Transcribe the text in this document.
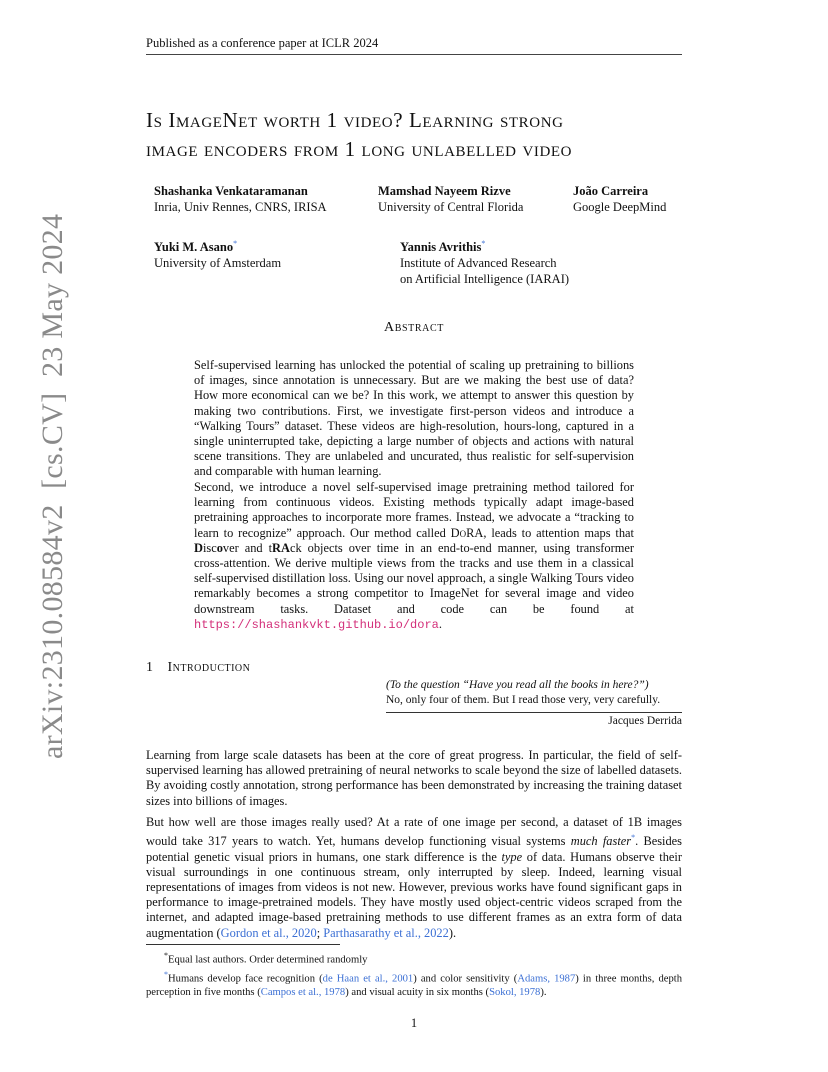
Published as a conference paper at ICLR 2024
Is ImageNet worth 1 video? Learning strong
image encoders from 1 long unlabelled video
Shashanka Venkataramanan
Inria, Univ Rennes, CNRS, IRISA
Mamshad Nayeem Rizve
University of Central Florida
João Carreira
Google DeepMind
Yuki M. Asano*
University of Amsterdam
Yannis Avrithis*
Institute of Advanced Research
on Artificial Intelligence (IARAI)
Abstract

Self-supervised learning has unlocked the potential of scaling up pretraining to billions of images, since annotation is unnecessary. But are we making the best use of data? How more economical can we be? In this work, we attempt to answer this question by making two contributions. First, we investigate first-person videos and introduce a “Walking Tours” dataset. These videos are high-resolution, hours-long, captured in a single uninterrupted take, depicting a large number of objects and actions with natural scene transitions. They are unlabeled and uncurated, thus realistic for self-supervision and comparable with human learning.

Second, we introduce a novel self-supervised image pretraining method tailored for learning from continuous videos. Existing methods typically adapt image-based pretraining approaches to incorporate more frames. Instead, we advocate a “tracking to learn to recognize” approach. Our method called DoRA, leads to attention maps that Discover and tRAck objects over time in an end-to-end manner, using transformer cross-attention. We derive multiple views from the tracks and use them in a classical self-supervised distillation loss. Using our novel approach, a single Walking Tours video remarkably becomes a strong competitor to ImageNet for several image and video downstream tasks. Dataset and code can be found at https://shashankvkt.github.io/dora.

1 Introduction
(To the question “Have you read all the books in here?”)
No, only four of them. But I read those very, very carefully.
Jacques Derrida

Learning from large scale datasets has been at the core of great progress. In particular, the field of self-supervised learning has allowed pretraining of neural networks to scale beyond the size of labelled datasets. By avoiding costly annotation, strong performance has been demonstrated by increasing the training dataset sizes into billions of images.

But how well are those images really used? At a rate of one image per second, a dataset of 1B images would take 317 years to watch. Yet, humans develop functioning visual systems much faster*. Besides potential genetic visual priors in humans, one stark difference is the type of data. Humans observe their visual surroundings in one continuous stream, only interrupted by sleep. Indeed, learning visual representations of images from videos is not new. However, previous works have found significant gaps in performance to image-pretrained models. They have mostly used object-centric videos scraped from the internet, and adapted image-based pretraining methods to use different frames as an extra form of data augmentation (Gordon et al., 2020; Parthasarathy et al., 2022).

*Equal last authors. Order determined randomly
*Humans develop face recognition (de Haan et al., 2001) and color sensitivity (Adams, 1987) in three months, depth perception in five months (Campos et al., 1978) and visual acuity in six months (Sokol, 1978).
1
arXiv:2310.08584v2  [cs.CV]  23 May 2024
